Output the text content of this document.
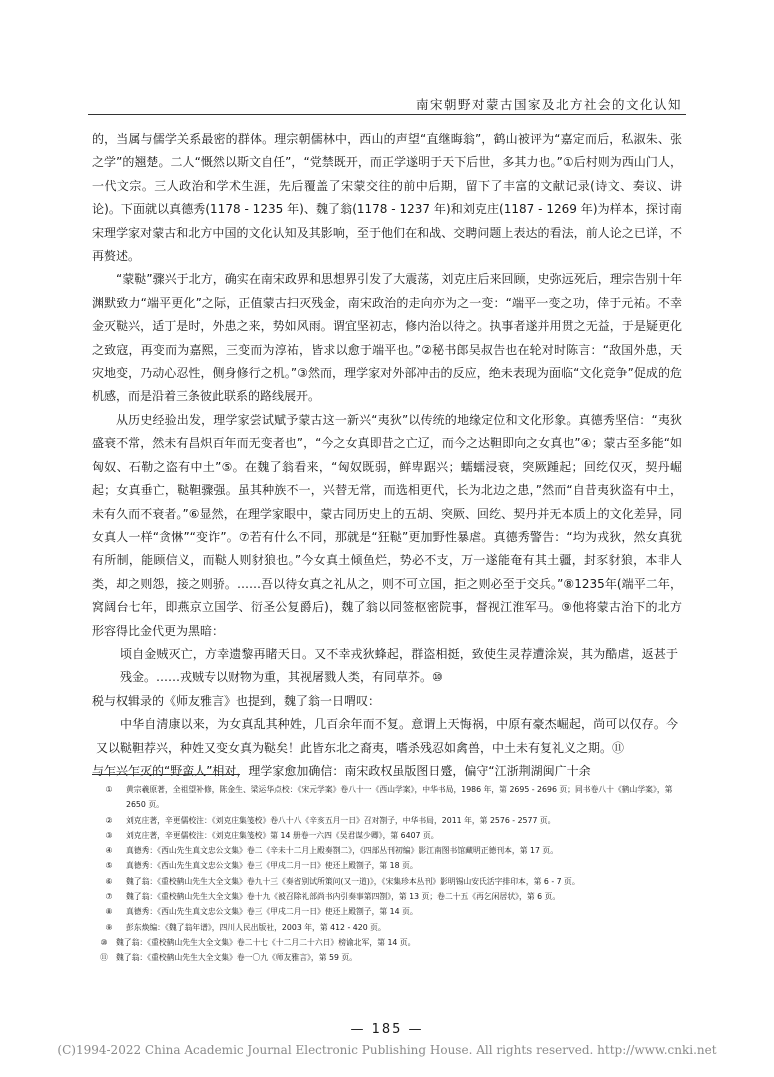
南宋朝野对蒙古国家及北方社会的文化认知

的，当属与儒学关系最密的群体。理宗朝儒林中，西山的声望“直继晦翁”，鹤山被评为“嘉定而后，私淑朱、张之学”的翘楚。二人“慨然以斯文自任”，“党禁既开，而正学遂明于天下后世，多其力也。”①后村则为西山门人，一代文宗。三人政治和学术生涯，先后覆盖了宋蒙交往的前中后期，留下了丰富的文献记录(诗文、奏议、讲论)。下面就以真德秀(1178 - 1235 年)、魏了翁(1178 - 1237 年)和刘克庄(1187 - 1269 年)为样本，探讨南宋理学家对蒙古和北方中国的文化认知及其影响，至于他们在和战、交聘问题上表达的看法，前人论之已详，不再赘述。

“蒙鞑”骤兴于北方，确实在南宋政界和思想界引发了大震荡，刘克庄后来回顾，史弥远死后，理宗告别十年渊默致力“端平更化”之际，正值蒙古扫灭残金，南宋政治的走向亦为之一变：“端平一变之功，倖于元祐。不幸金灭鞑兴，适丁是时，外患之来，势如风雨。谓宜坚初志，修内治以待之。执事者遂并用贯之无益，于是疑更化之致寇，再变而为嘉熙，三变而为淳祐，皆求以愈于端平也。”②秘书郎吴叔告也在轮对时陈言：“敌国外患，天灾地变，乃动心忍性，侧身修行之机。”③然而，理学家对外部冲击的反应，绝未表现为面临“文化竞争”促成的危机感，而是沿着三条彼此联系的路线展开。

从历史经验出发，理学家尝试赋予蒙古这一新兴“夷狄”以传统的地缘定位和文化形象。真德秀坚信：“夷狄盛衰不常，然未有昌炽百年而无变者也”，“今之女真即昔之亡辽，而今之达靼即向之女真也”④；蒙古至多能“如匈奴、石勒之盗有中土”⑤。在魏了翁看来，“匈奴既弱，鲜卑踞兴；蠕蠕浸衰，突厥踵起；回纥仅灭，契丹崛起；女真垂亡，鞑靼骤强。虽其种族不一，兴替无常，而选相更代，长为北边之患，”然而“自昔夷狄盗有中土，未有久而不衰者。”⑥显然，在理学家眼中，蒙古同历史上的五胡、突厥、回纥、契丹并无本质上的文化差异，同女真人一样“贪惏”“变诈”。⑦若有什么不同，那就是“狂鞑”更加野性暴虐。真德秀警告：“均为戎狄，然女真犹有所制，能顾信义，而鞑人则豺狼也。”今女真土倾鱼烂，势必不支，万一遂能奄有其土疆，封豕豺狼，本非人类，却之则怨，接之则骄。……吾以待女真之礼从之，则不可立国，拒之则必至于交兵。”⑧1235年(端平二年，窝阔台七年，即燕京立国学、衍圣公复爵后)，魏了翁以同签枢密院事，督视江淮军马。⑨他将蒙古治下的北方形容得比金代更为黑暗：

顷自金贼灭亡，方幸遗黎再睹天日。又不幸戎狄蜂起，群盗相挺，致使生灵荐遭涂炭，其为酷虐，返甚于残金。……戎贼专以财物为重，其视屠戮人类，有同草芥。⑩

税与权辑录的《师友雅言》也提到，魏了翁一日喟叹：

中华自清康以来，为女真乱其种姓，几百余年而不复。意谓上天悔祸，中原有豪杰崛起，尚可以仅存。今又以鞑靼荐兴，种姓又变女真为鞑矣！此皆东北之裔夷，嗜杀残忍如禽兽，中土未有复礼义之期。⑪

与乍兴乍灭的“野蛮人”相对，理学家愈加确信：南宋政权虽版图日蹙，偏守“江浙荆湖闽广十余

①	黄宗羲原著，全祖望补修，陈金生、梁运华点校：《宋元学案》卷八十一《西山学案》，中华书局，1986 年，第 2695 - 2696 页；同书卷八十《鹤山学案》，第 2650 页。
②	刘克庄著，辛更儒校注：《刘克庄集笺校》卷八十八《辛亥五月一日》召对劄子，中华书局，2011 年，第 2576 - 2577 页。
③	刘克庄著，辛更儒校注：《刘克庄集笺校》第 14 册卷一六四《吴君谋少卿》，第 6407 页。
④	真德秀：《西山先生真文忠公文集》卷二《辛未十二月上殿奏劄二》，《四部丛刊初编》影江南图书馆藏明正德刊本，第 17 页。
⑤	真德秀：《西山先生真文忠公文集》卷三《甲戌二月一日》使还上殿劄子，第 18 页。
⑥	魏了翁：《重校鹤山先生大全文集》卷九十三《奏省别试所策问(又一道)》，《宋集珍本丛刊》影明锡山安氏活字排印本，第 6 - 7 页。
⑦	魏了翁：《重校鹤山先生大全文集》卷十九《被召除礼部尚书内引奏事第四劄》，第 13 页；卷二十五《再乞闲居状》，第 6 页。
⑧	真德秀：《西山先生真文忠公文集》卷三《甲戌二月一日》使还上殿劄子，第 14 页。
⑨	彭东焕编：《魏了翁年谱》，四川人民出版社，2003 年，第 412 - 420 页。
⑩	魏了翁：《重校鹤山先生大全文集》卷二十七《十二月二十六日》榜谕北军，第 14 页。
⑪	魏了翁：《重校鹤山先生大全文集》卷一〇九《师友雅言》，第 59 页。
— 185 —
(C)1994-2022 China Academic Journal Electronic Publishing House. All rights reserved. http://www.cnki.net
